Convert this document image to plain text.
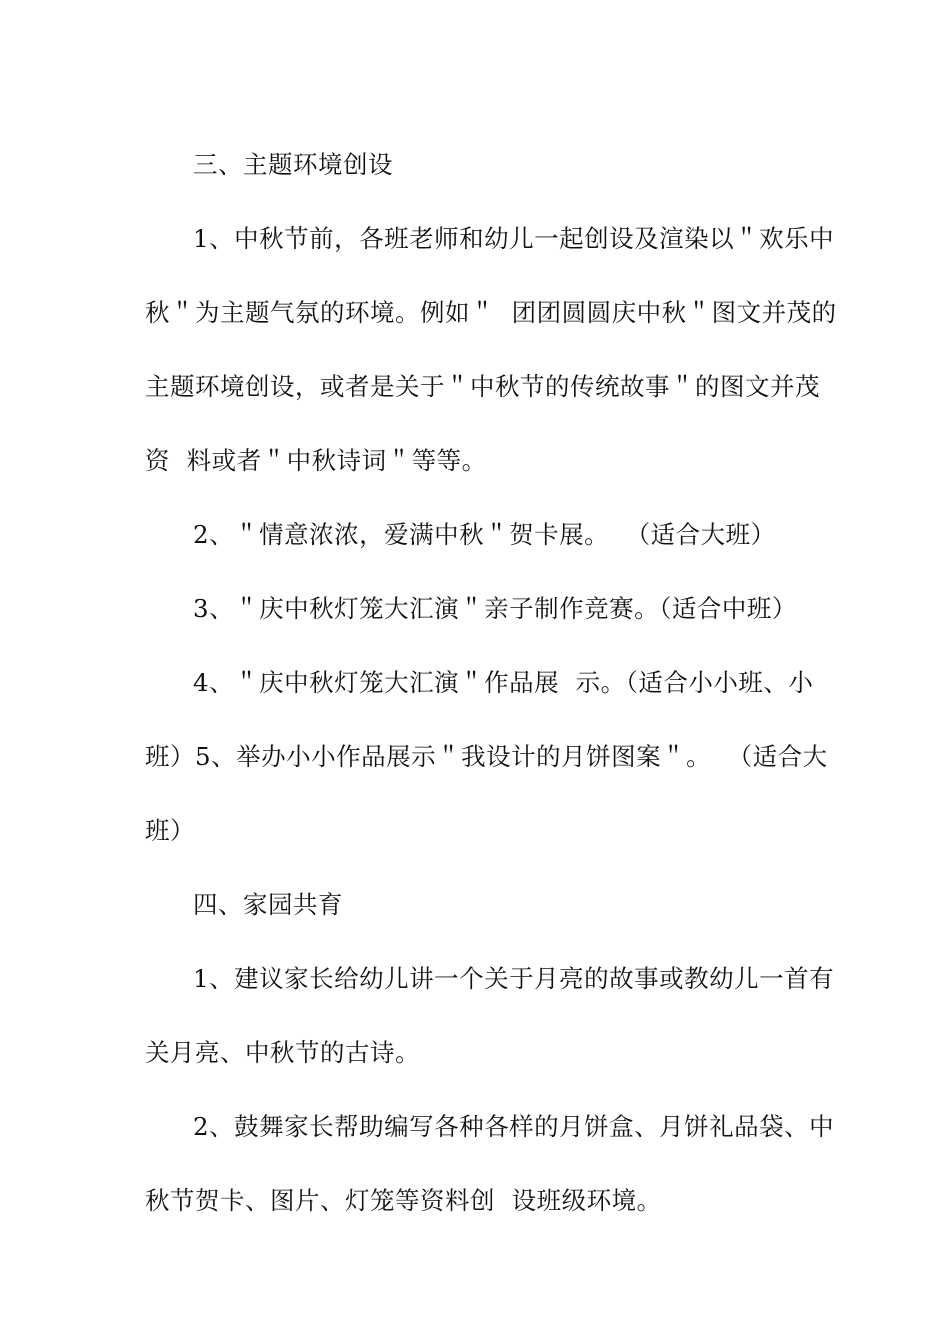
三、主题环境创设
1、中秋节前，各班老师和幼儿一起创设及渲染以＂欢乐中
秋＂为主题气氛的环境。例如＂  团团圆圆庆中秋＂图文并茂的
主题环境创设，或者是关于＂中秋节的传统故事＂的图文并茂
资  料或者＂中秋诗词＂等等。
2、＂情意浓浓，爱满中秋＂贺卡展。  （适合大班）
3、＂庆中秋灯笼大汇演＂亲子制作竞赛。（适合中班）
4、＂庆中秋灯笼大汇演＂作品展  示。（适合小小班、小
班）5、举办小小作品展示＂我设计的月饼图案＂。  （适合大
班）
四、家园共育
1、建议家长给幼儿讲一个关于月亮的故事或教幼儿一首有
关月亮、中秋节的古诗。
2、鼓舞家长帮助编写各种各样的月饼盒、月饼礼品袋、中
秋节贺卡、图片、灯笼等资料创  设班级环境。
